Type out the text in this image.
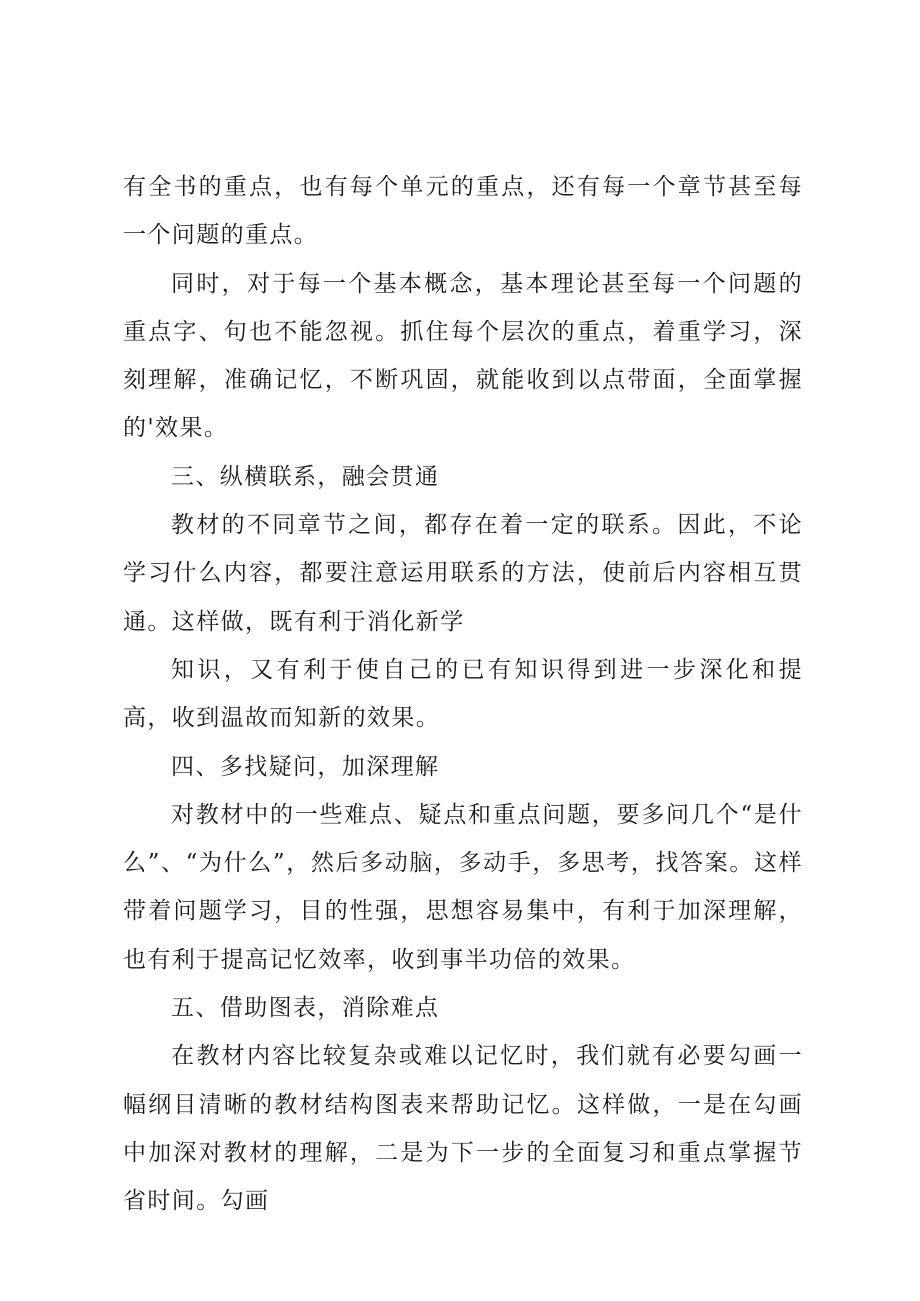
有全书的重点，也有每个单元的重点，还有每一个章节甚至每一个问题的重点。

同时，对于每一个基本概念，基本理论甚至每一个问题的重点字、句也不能忽视。抓住每个层次的重点，着重学习，深刻理解，准确记忆，不断巩固，就能收到以点带面，全面掌握的'效果。

三、纵横联系，融会贯通

教材的不同章节之间，都存在着一定的联系。因此，不论学习什么内容，都要注意运用联系的方法，使前后内容相互贯通。这样做，既有利于消化新学

知识，又有利于使自己的已有知识得到进一步深化和提高，收到温故而知新的效果。

四、多找疑问，加深理解

对教材中的一些难点、疑点和重点问题，要多问几个“是什么”、“为什么”，然后多动脑，多动手，多思考，找答案。这样带着问题学习，目的性强，思想容易集中，有利于加深理解，也有利于提高记忆效率，收到事半功倍的效果。

五、借助图表，消除难点

在教材内容比较复杂或难以记忆时，我们就有必要勾画一幅纲目清晰的教材结构图表来帮助记忆。这样做，一是在勾画中加深对教材的理解，二是为下一步的全面复习和重点掌握节省时间。勾画
